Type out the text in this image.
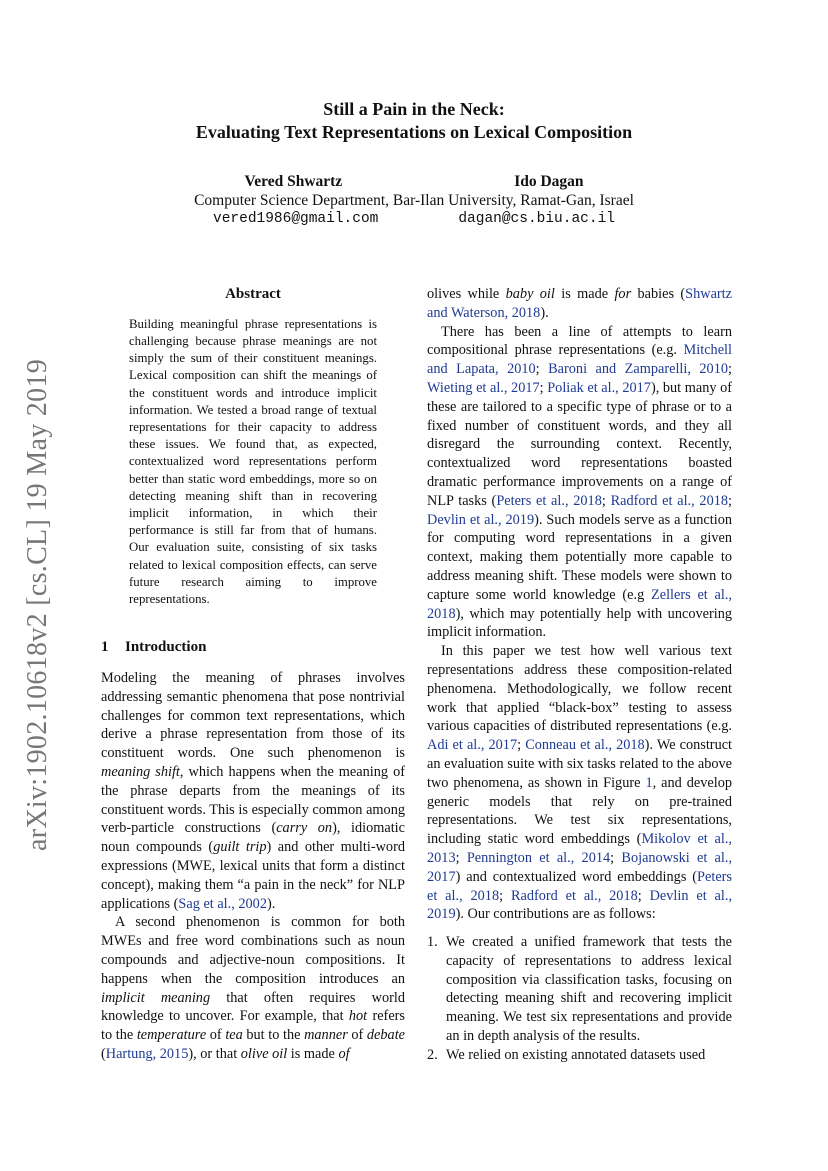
arXiv:1902.10618v2 [cs.CL] 19 May 2019
Still a Pain in the Neck:
Evaluating Text Representations on Lexical Composition
Vered Shwartz	Ido Dagan
Computer Science Department, Bar-Ilan University, Ramat-Gan, Israel
vered1986@gmail.com	dagan@cs.biu.ac.il
Abstract
Building meaningful phrase representations is challenging because phrase meanings are not simply the sum of their constituent meanings. Lexical composition can shift the meanings of the constituent words and introduce implicit information. We tested a broad range of textual representations for their capacity to address these issues. We found that, as expected, contextualized word representations perform better than static word embeddings, more so on detecting meaning shift than in recovering implicit information, in which their performance is still far from that of humans. Our evaluation suite, consisting of six tasks related to lexical composition effects, can serve future research aiming to improve representations.
1 Introduction

Modeling the meaning of phrases involves addressing semantic phenomena that pose nontrivial challenges for common text representations, which derive a phrase representation from those of its constituent words. One such phenomenon is meaning shift, which happens when the meaning of the phrase departs from the meanings of its constituent words. This is especially common among verb-particle constructions (carry on), idiomatic noun compounds (guilt trip) and other multi-word expressions (MWE, lexical units that form a distinct concept), making them “a pain in the neck” for NLP applications (Sag et al., 2002).

A second phenomenon is common for both MWEs and free word combinations such as noun compounds and adjective-noun compositions. It happens when the composition introduces an implicit meaning that often requires world knowledge to uncover. For example, that hot refers to the temperature of tea but to the manner of debate (Hartung, 2015), or that olive oil is made of

olives while baby oil is made for babies (Shwartz and Waterson, 2018).

There has been a line of attempts to learn compositional phrase representations (e.g. Mitchell and Lapata, 2010; Baroni and Zamparelli, 2010; Wieting et al., 2017; Poliak et al., 2017), but many of these are tailored to a specific type of phrase or to a fixed number of constituent words, and they all disregard the surrounding context. Recently, contextualized word representations boasted dramatic performance improvements on a range of NLP tasks (Peters et al., 2018; Radford et al., 2018; Devlin et al., 2019). Such models serve as a function for computing word representations in a given context, making them potentially more capable to address meaning shift. These models were shown to capture some world knowledge (e.g Zellers et al., 2018), which may potentially help with uncovering implicit information.

In this paper we test how well various text representations address these composition-related phenomena. Methodologically, we follow recent work that applied “black-box” testing to assess various capacities of distributed representations (e.g. Adi et al., 2017; Conneau et al., 2018). We construct an evaluation suite with six tasks related to the above two phenomena, as shown in Figure 1, and develop generic models that rely on pre-trained representations. We test six representations, including static word embeddings (Mikolov et al., 2013; Pennington et al., 2014; Bojanowski et al., 2017) and contextualized word embeddings (Peters et al., 2018; Radford et al., 2018; Devlin et al., 2019). Our contributions are as follows:

1. We created a unified framework that tests the capacity of representations to address lexical composition via classification tasks, focusing on detecting meaning shift and recovering implicit meaning. We test six representations and provide an in depth analysis of the results.
2. We relied on existing annotated datasets used
